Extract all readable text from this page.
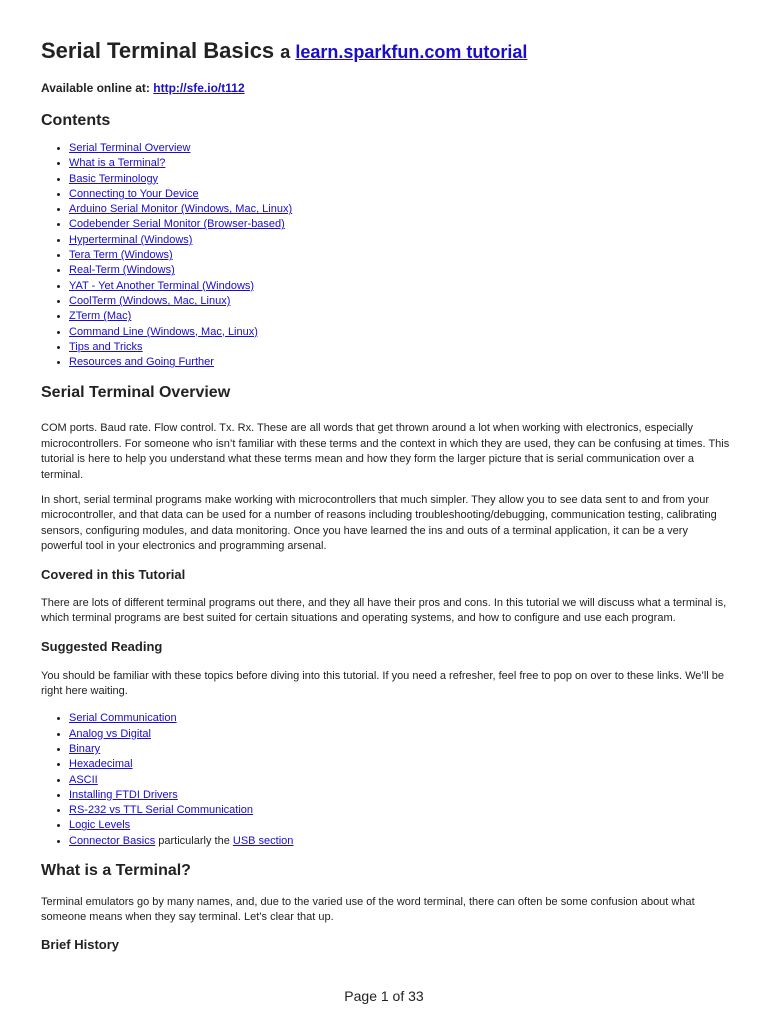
Serial Terminal Basics a learn.sparkfun.com tutorial
Available online at: http://sfe.io/t112
Contents
• Serial Terminal Overview
• What is a Terminal?
• Basic Terminology
• Connecting to Your Device
• Arduino Serial Monitor (Windows, Mac, Linux)
• Codebender Serial Monitor (Browser-based)
• Hyperterminal (Windows)
• Tera Term (Windows)
• Real-Term (Windows)
• YAT - Yet Another Terminal (Windows)
• CoolTerm (Windows, Mac, Linux)
• ZTerm (Mac)
• Command Line (Windows, Mac, Linux)
• Tips and Tricks
• Resources and Going Further
Serial Terminal Overview

COM ports. Baud rate. Flow control. Tx. Rx. These are all words that get thrown around a lot when working with electronics, especially microcontrollers. For someone who isn’t familiar with these terms and the context in which they are used, they can be confusing at times. This tutorial is here to help you understand what these terms mean and how they form the larger picture that is serial communication over a terminal.

In short, serial terminal programs make working with microcontrollers that much simpler. They allow you to see data sent to and from your microcontroller, and that data can be used for a number of reasons including troubleshooting/debugging, communication testing, calibrating sensors, configuring modules, and data monitoring. Once you have learned the ins and outs of a terminal application, it can be a very powerful tool in your electronics and programming arsenal.

Covered in this Tutorial

There are lots of different terminal programs out there, and they all have their pros and cons. In this tutorial we will discuss what a terminal is, which terminal programs are best suited for certain situations and operating systems, and how to configure and use each program.

Suggested Reading

You should be familiar with these topics before diving into this tutorial. If you need a refresher, feel free to pop on over to these links. We’ll be right here waiting.

• Serial Communication
• Analog vs Digital
• Binary
• Hexadecimal
• ASCII
• Installing FTDI Drivers
• RS-232 vs TTL Serial Communication
• Logic Levels
• Connector Basics particularly the USB section
What is a Terminal?

Terminal emulators go by many names, and, due to the varied use of the word terminal, there can often be some confusion about what someone means when they say terminal. Let’s clear that up.

Brief History
Page 1 of 33
